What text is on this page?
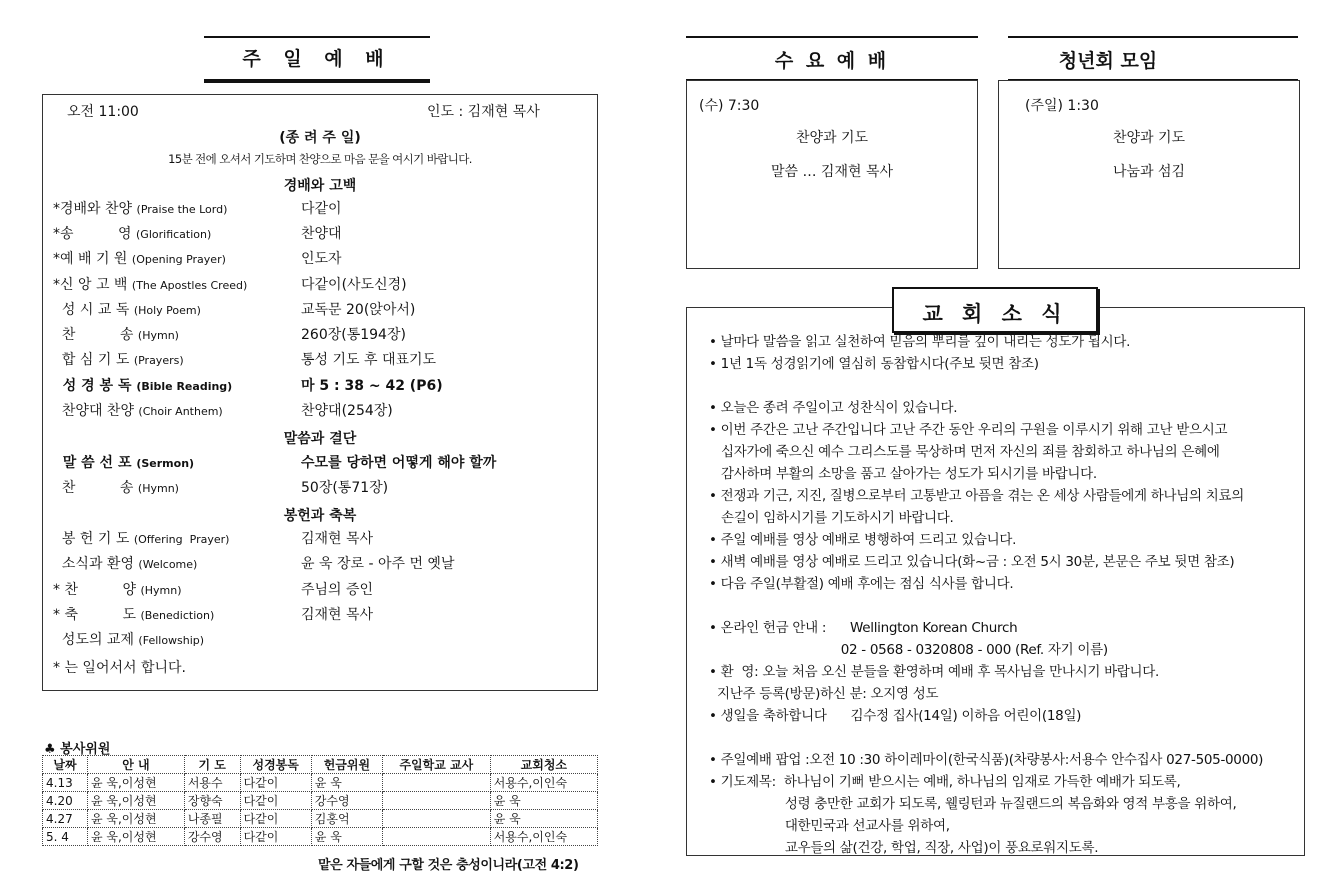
주 일 예 배
오전 11:00	인도 : 김재현 목사
(종 려 주 일)
15분 전에 오셔서 기도하며 찬양으로 마음 문을 여시기 바랍니다.
경배와 고백
*경배와 찬양 (Praise the Lord)	다같이
*송          영 (Glorification)	찬양대
*예 배 기 원 (Opening Prayer)	인도자
*신 앙 고 백 (The Apostles Creed)	다같이(사도신경)
성 시 교 독 (Holy Poem)	교독문 20(앉아서)
찬          송 (Hymn)	260장(통194장)
합 심 기 도 (Prayers)	통성 기도 후 대표기도
성 경 봉 독 (Bible Reading)	마 5 : 38 ~ 42 (P6)
찬양대 찬양 (Choir Anthem)	찬양대(254장)
말 씀 선 포 (Sermon)	수모를 당하면 어떻게 해야 할까
찬          송 (Hymn)	50장(통71장)
봉 헌 기 도 (Offering  Prayer)	김재현 목사
소식과 환영 (Welcome)	윤 욱 장로 - 아주 먼 옛날
* 찬          양 (Hymn)	주님의 증인
* 축          도 (Benediction)	김재현 목사
성도의 교제 (Fellowship)
말씀과 결단
봉헌과 축복
* 는 일어서서 합니다.
♣ 봉사위원
날짜	안 내	기 도	성경봉독	헌금위원	주일학교 교사	교회청소
4.13	윤 욱,이성현	서용수	다같이	윤 욱		서용수,이인숙
4.20	윤 욱,이성현	장향숙	다같이	강수영		윤 욱
4.27	윤 욱,이성현	나종필	다같이	김홍억		윤 욱
5. 4	윤 욱,이성현	강수영	다같이	윤 욱		서용수,이인숙
맡은 자들에게 구할 것은 충성이니라(고전 4:2)
수 요 예 배
(수) 7:30
찬양과 기도
말씀 … 김재현 목사
청년회 모임
(주일) 1:30
찬양과 기도
나눔과 섬김
• 날마다 말씀을 읽고 실천하여 믿음의 뿌리를 깊이 내리는 성도가 됩시다.
• 1년 1독 성경읽기에 열심히 동참합시다(주보 뒷면 참조)
• 오늘은 종려 주일이고 성찬식이 있습니다.
• 이번 주간은 고난 주간입니다 고난 주간 동안 우리의 구원을 이루시기 위해 고난 받으시고
십자가에 죽으신 예수 그리스도를 묵상하며 먼저 자신의 죄를 참회하고 하나님의 은혜에
감사하며 부활의 소망을 품고 살아가는 성도가 되시기를 바랍니다.
• 전쟁과 기근, 지진, 질병으로부터 고통받고 아픔을 겪는 온 세상 사람들에게 하나님의 치료의
손길이 임하시기를 기도하시기 바랍니다.
• 주일 예배를 영상 예배로 병행하여 드리고 있습니다.
• 새벽 예배를 영상 예배로 드리고 있습니다(화~금 : 오전 5시 30분, 본문은 주보 뒷면 참조)
• 다음 주일(부활절) 예배 후에는 점심 식사를 합니다.
• 온라인 헌금 안내 :      Wellington Korean Church
02 - 0568 - 0320808 - 000 (Ref. 자기 이름)
• 환  영: 오늘 처음 오신 분들을 환영하며 예배 후 목사님을 만나시기 바랍니다.
지난주 등록(방문)하신 분: 오지영 성도
• 생일을 축하합니다      김수정 집사(14일) 이하음 어린이(18일)
• 주일예배 팝업 :오전 10 :30 하이레마이(한국식품)(차량봉사:서용수 안수집사 027-505-0000)
• 기도제목:  하나님이 기뻐 받으시는 예배, 하나님의 임재로 가득한 예배가 되도록,
성령 충만한 교회가 되도록, 웰링턴과 뉴질랜드의 복음화와 영적 부흥을 위하여,
대한민국과 선교사를 위하여,
교우들의 삶(건강, 학업, 직장, 사업)이 풍요로워지도록.
교 회 소 식
